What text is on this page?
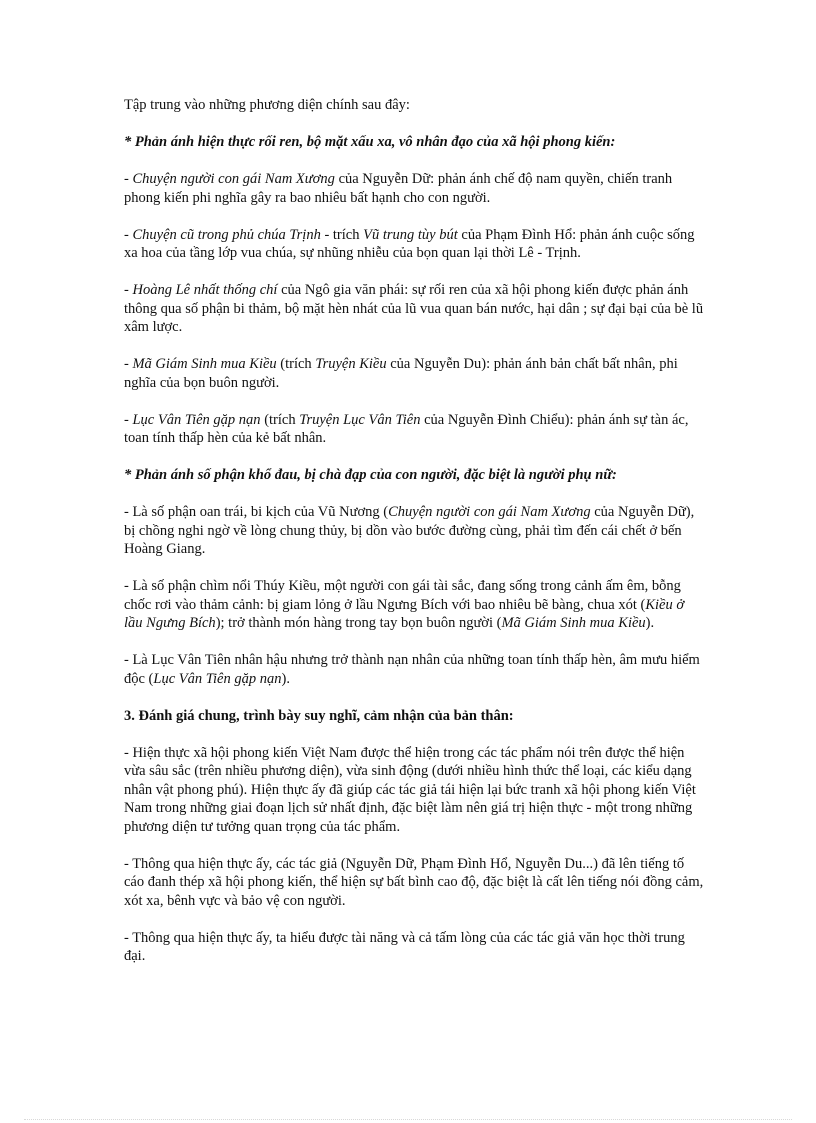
Tập trung vào những phương diện chính sau đây:

* Phản ánh hiện thực rối ren, bộ mặt xấu xa, vô nhân đạo của xã hội phong kiến:

- Chuyện người con gái Nam Xương của Nguyễn Dữ: phản ánh chế độ nam quyền, chiến tranh phong kiến phi nghĩa gây ra bao nhiêu bất hạnh cho con người.

- Chuyện cũ trong phủ chúa Trịnh - trích Vũ trung tùy bút của Phạm Đình Hổ: phản ánh cuộc sống xa hoa của tầng lớp vua chúa, sự nhũng nhiễu của bọn quan lại thời Lê - Trịnh.

- Hoàng Lê nhất thống chí của Ngô gia văn phái: sự rối ren của xã hội phong kiến được phản ánh thông qua số phận bi thảm, bộ mặt hèn nhát của lũ vua quan bán nước, hại dân ; sự đại bại của bè lũ xâm lược.

- Mã Giám Sinh mua Kiều (trích Truyện Kiều của Nguyễn Du): phản ánh bản chất bất nhân, phi nghĩa của bọn buôn người.

- Lục Vân Tiên gặp nạn (trích Truyện Lục Vân Tiên của Nguyễn Đình Chiểu): phản ánh sự tàn ác, toan tính thấp hèn của kẻ bất nhân.

* Phản ánh số phận khổ đau, bị chà đạp của con người, đặc biệt là người phụ nữ:

- Là số phận oan trái, bi kịch của Vũ Nương (Chuyện người con gái Nam Xương của Nguyễn Dữ), bị chồng nghi ngờ về lòng chung thủy, bị dồn vào bước đường cùng, phải tìm đến cái chết ở bến Hoàng Giang.

- Là số phận chìm nổi Thúy Kiều, một người con gái tài sắc, đang sống trong cảnh ấm êm, bỗng chốc rơi vào thảm cảnh: bị giam lỏng ở lầu Ngưng Bích với bao nhiêu bẽ bàng, chua xót (Kiều ở lầu Ngưng Bích); trở thành món hàng trong tay bọn buôn người (Mã Giám Sinh mua Kiều).

- Là Lục Vân Tiên nhân hậu nhưng trở thành nạn nhân của những toan tính thấp hèn, âm mưu hiểm độc (Lục Vân Tiên gặp nạn).

3. Đánh giá chung, trình bày suy nghĩ, cảm nhận của bản thân:

- Hiện thực xã hội phong kiến Việt Nam được thể hiện trong các tác phẩm nói trên được thể hiện vừa sâu sắc (trên nhiều phương diện), vừa sinh động (dưới nhiều hình thức thể loại, các kiểu dạng nhân vật phong phú). Hiện thực ấy đã giúp các tác giả tái hiện lại bức tranh xã hội phong kiến Việt Nam trong những giai đoạn lịch sử nhất định, đặc biệt làm nên giá trị hiện thực - một trong những phương diện tư tưởng quan trọng của tác phẩm.

- Thông qua hiện thực ấy, các tác giả (Nguyễn Dữ, Phạm Đình Hổ, Nguyễn Du...) đã lên tiếng tố cáo đanh thép xã hội phong kiến, thể hiện sự bất bình cao độ, đặc biệt là cất lên tiếng nói đồng cảm, xót xa, bênh vực và bảo vệ con người.

- Thông qua hiện thực ấy, ta hiểu được tài năng và cả tấm lòng của các tác giả văn học thời trung đại.
